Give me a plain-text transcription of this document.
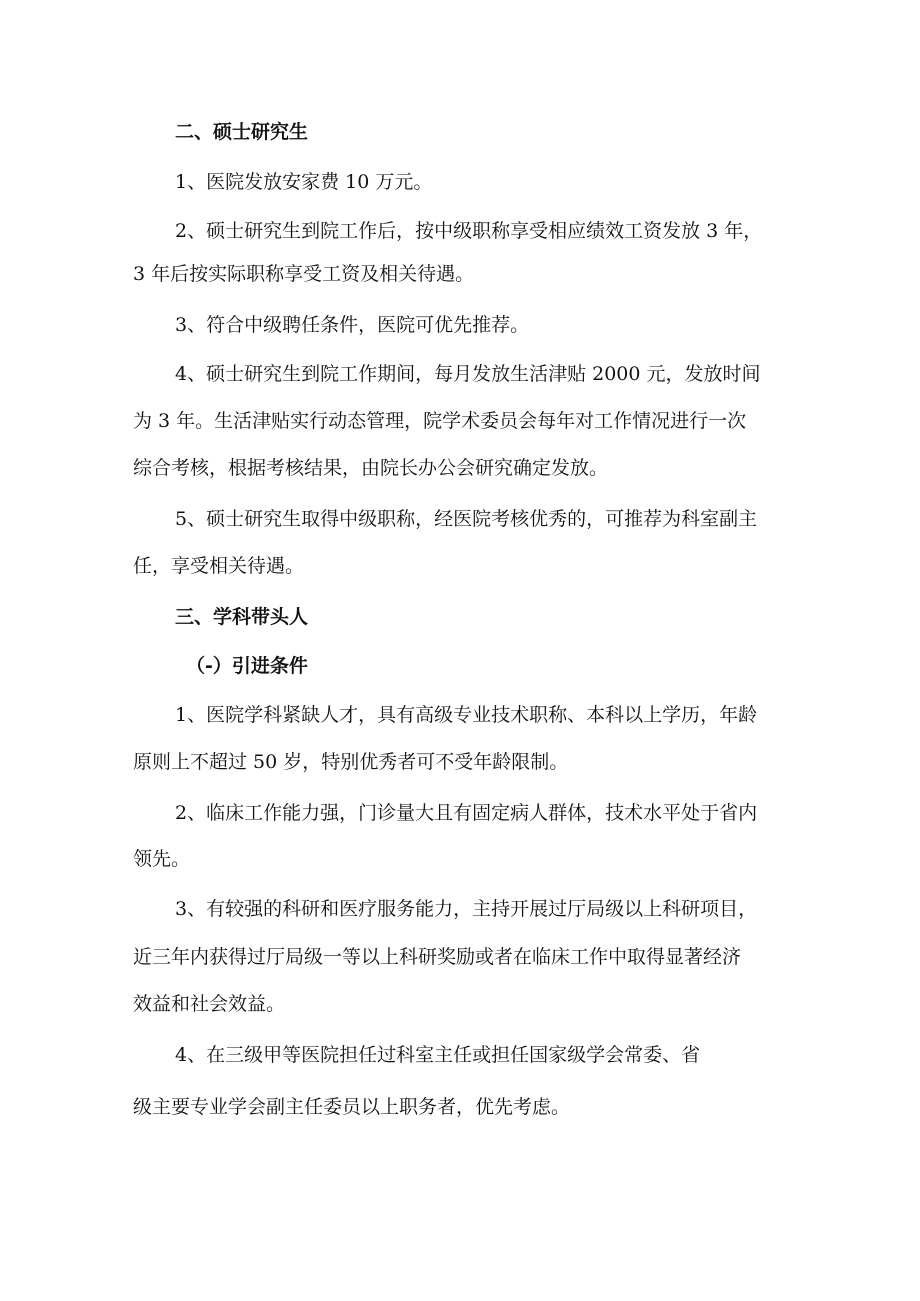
二、硕士研究生
1、医院发放安家费 10 万元。
2、硕士研究生到院工作后，按中级职称享受相应绩效工资发放 3 年，
3 年后按实际职称享受工资及相关待遇。
3、符合中级聘任条件，医院可优先推荐。
4、硕士研究生到院工作期间，每月发放生活津贴 2000 元，发放时间
为 3 年。生活津贴实行动态管理，院学术委员会每年对工作情况进行一次
综合考核，根据考核结果，由院长办公会研究确定发放。
5、硕士研究生取得中级职称，经医院考核优秀的，可推荐为科室副主
任，享受相关待遇。
三、学科带头人
（-）引进条件
1、医院学科紧缺人才，具有高级专业技术职称、本科以上学历，年龄
原则上不超过 50 岁，特别优秀者可不受年龄限制。
2、临床工作能力强，门诊量大且有固定病人群体，技术水平处于省内
领先。
3、有较强的科研和医疗服务能力，主持开展过厅局级以上科研项目，
近三年内获得过厅局级一等以上科研奖励或者在临床工作中取得显著经济
效益和社会效益。
4、在三级甲等医院担任过科室主任或担任国家级学会常委、省
级主要专业学会副主任委员以上职务者，优先考虑。
